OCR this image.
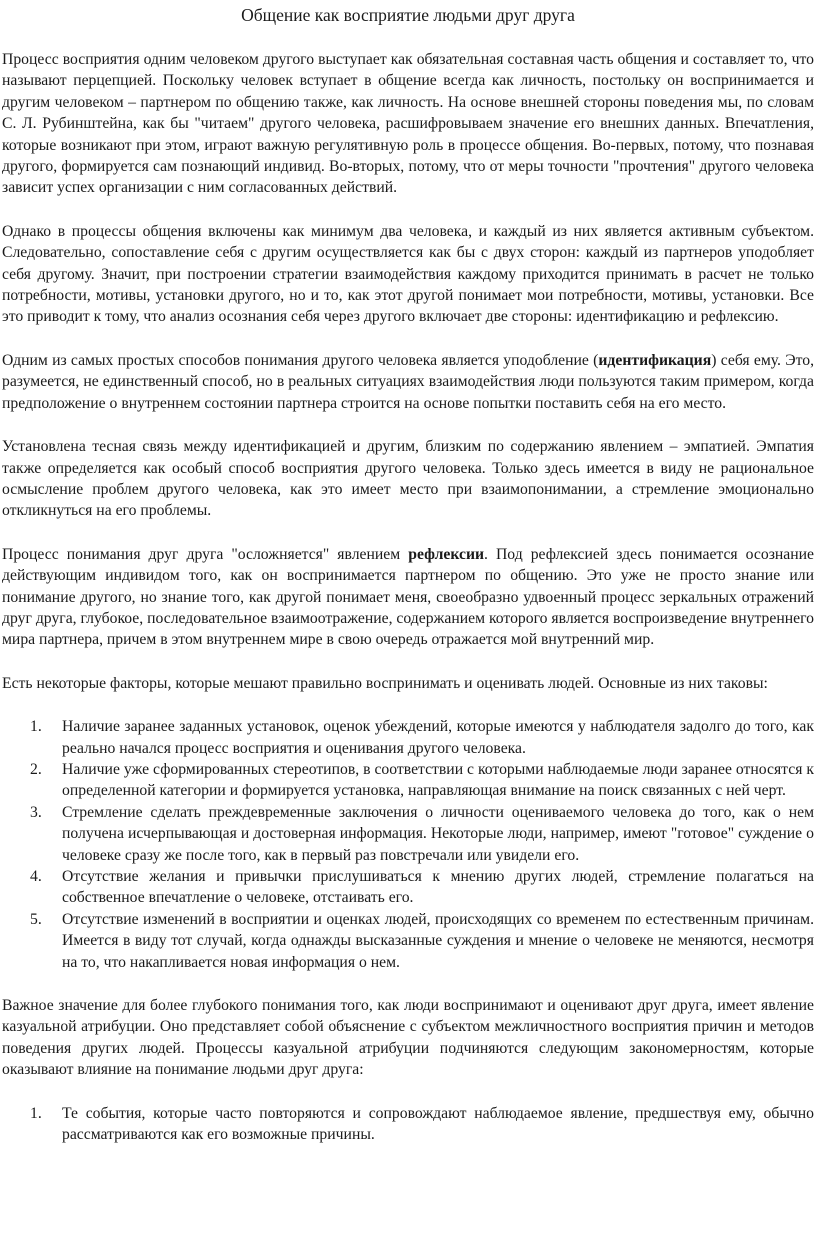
Общение как восприятие людьми друг друга

Процесс восприятия одним человеком другого выступает как обязательная составная часть общения и составляет то, что называют перцепцией. Поскольку человек вступает в общение всегда как личность, постольку он воспринимается и другим человеком – партнером по общению также, как личность. На основе внешней стороны поведения мы, по словам С. Л. Рубинштейна, как бы "читаем" другого человека, расшифровываем значение его внешних данных. Впечатления, которые возникают при этом, играют важную регулятивную роль в процессе общения. Во-первых, потому, что познавая другого, формируется сам познающий индивид. Во-вторых, потому, что от меры точности "прочтения" другого человека зависит успех организации с ним согласованных действий.

Однако в процессы общения включены как минимум два человека, и каждый из них является активным субъектом. Следовательно, сопоставление себя с другим осуществляется как бы с двух сторон: каждый из партнеров уподобляет себя другому. Значит, при построении стратегии взаимодействия каждому приходится принимать в расчет не только потребности, мотивы, установки другого, но и то, как этот другой понимает мои потребности, мотивы, установки. Все это приводит к тому, что анализ осознания себя через другого включает две стороны: идентификацию и рефлексию.

Одним из самых простых способов понимания другого человека является уподобление (идентификация) себя ему. Это, разумеется, не единственный способ, но в реальных ситуациях взаимодействия люди пользуются таким примером, когда предположение о внутреннем состоянии партнера строится на основе попытки поставить себя на его место.

Установлена тесная связь между идентификацией и другим, близким по содержанию явлением – эмпатией. Эмпатия также определяется как особый способ восприятия другого человека. Только здесь имеется в виду не рациональное осмысление проблем другого человека, как это имеет место при взаимопонимании, а стремление эмоционально откликнуться на его проблемы.

Процесс понимания друг друга "осложняется" явлением рефлексии. Под рефлексией здесь понимается осознание действующим индивидом того, как он воспринимается партнером по общению. Это уже не просто знание или понимание другого, но знание того, как другой понимает меня, своеобразно удвоенный процесс зеркальных отражений друг друга, глубокое, последовательное взаимоотражение, содержанием которого является воспроизведение внутреннего мира партнера, причем в этом внутреннем мире в свою очередь отражается мой внутренний мир.

Есть некоторые факторы, которые мешают правильно воспринимать и оценивать людей. Основные из них таковы:

1. Наличие заранее заданных установок, оценок убеждений, которые имеются у наблюдателя задолго до того, как реально начался процесс восприятия и оценивания другого человека.
2. Наличие уже сформированных стереотипов, в соответствии с которыми наблюдаемые люди заранее относятся к определенной категории и формируется установка, направляющая внимание на поиск связанных с ней черт.
3. Стремление сделать преждевременные заключения о личности оцениваемого человека до того, как о нем получена исчерпывающая и достоверная информация. Некоторые люди, например, имеют "готовое" суждение о человеке сразу же после того, как в первый раз повстречали или увидели его.
4. Отсутствие желания и привычки прислушиваться к мнению других людей, стремление полагаться на собственное впечатление о человеке, отстаивать его.
5. Отсутствие изменений в восприятии и оценках людей, происходящих со временем по естественным причинам. Имеется в виду тот случай, когда однажды высказанные суждения и мнение о человеке не меняются, несмотря на то, что накапливается новая информация о нем.

Важное значение для более глубокого понимания того, как люди воспринимают и оценивают друг друга, имеет явление казуальной атрибуции. Оно представляет собой объяснение с субъектом межличностного восприятия причин и методов поведения других людей. Процессы казуальной атрибуции подчиняются следующим закономерностям, которые оказывают влияние на понимание людьми друг друга:

1. Те события, которые часто повторяются и сопровождают наблюдаемое явление, предшествуя ему, обычно рассматриваются как его возможные причины.
